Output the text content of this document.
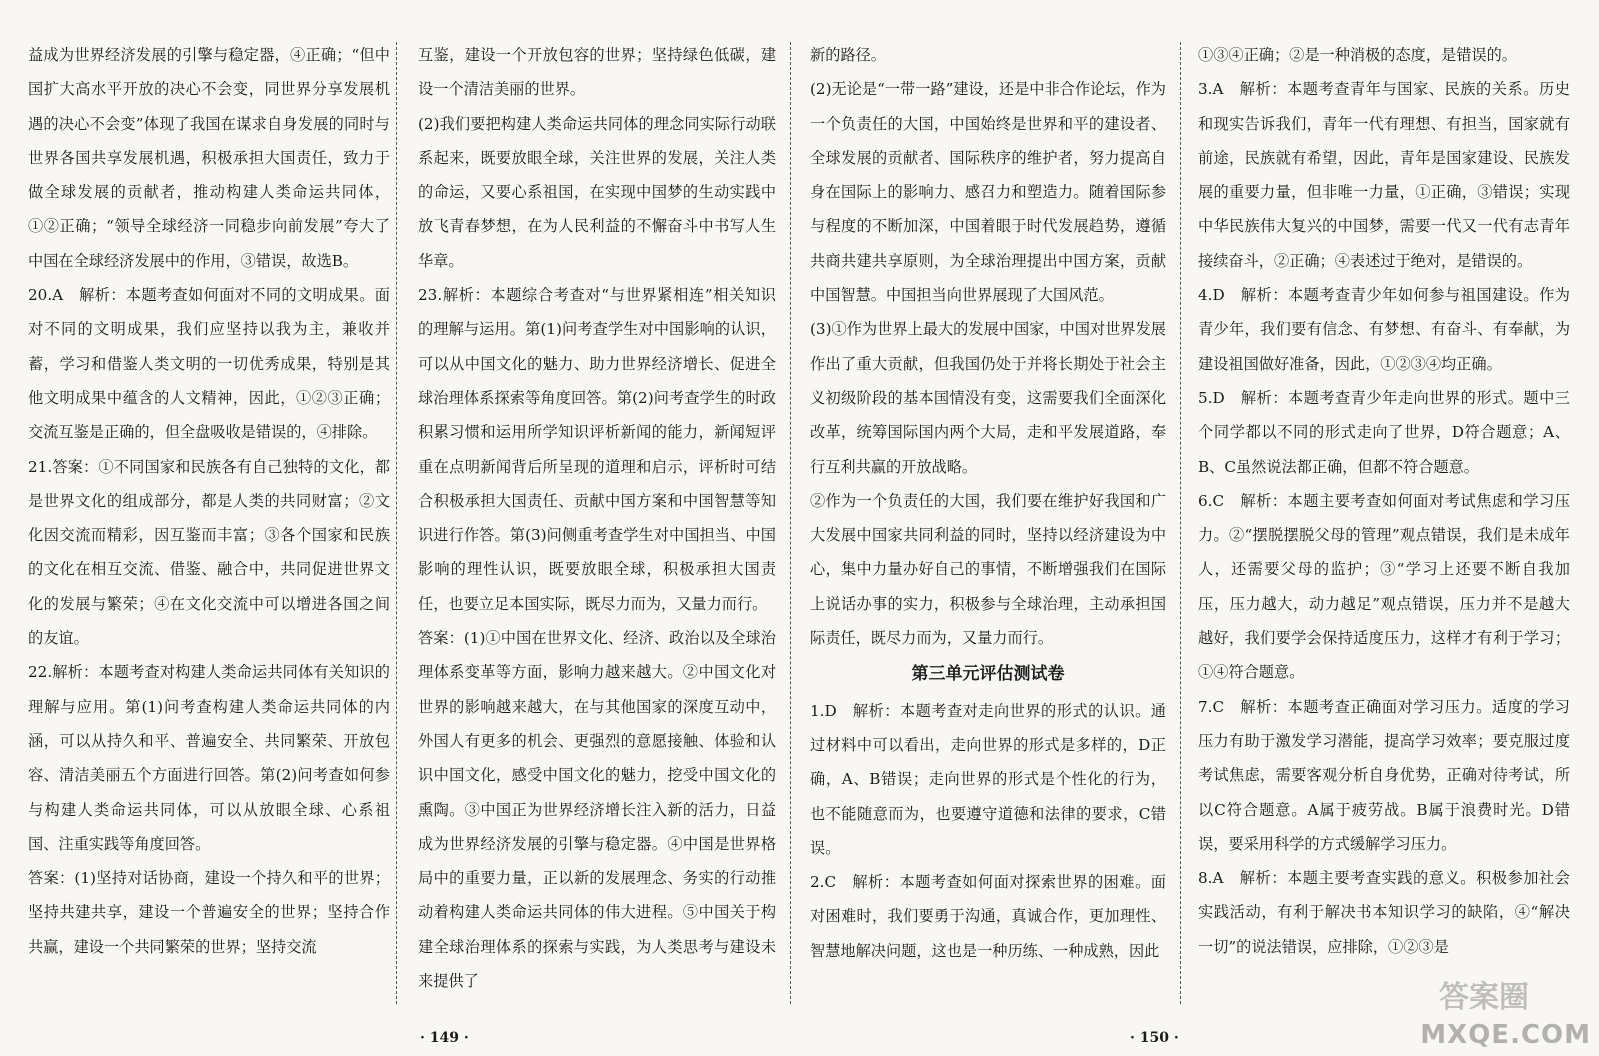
益成为世界经济发展的引擎与稳定器，④正确；“但中国扩大高水平开放的决心不会变，同世界分享发展机遇的决心不会变”体现了我国在谋求自身发展的同时与世界各国共享发展机遇，积极承担大国责任，致力于做全球发展的贡献者，推动构建人类命运共同体，①②正确；“领导全球经济一同稳步向前发展”夸大了中国在全球经济发展中的作用，③错误，故选B。

20.A　解析：本题考查如何面对不同的文明成果。面对不同的文明成果，我们应坚持以我为主，兼收并蓄，学习和借鉴人类文明的一切优秀成果，特别是其他文明成果中蕴含的人文精神，因此，①②③正确；交流互鉴是正确的，但全盘吸收是错误的，④排除。

21.答案：①不同国家和民族各有自己独特的文化，都是世界文化的组成部分，都是人类的共同财富；②文化因交流而精彩，因互鉴而丰富；③各个国家和民族的文化在相互交流、借鉴、融合中，共同促进世界文化的发展与繁荣；④在文化交流中可以增进各国之间的友谊。

22.解析：本题考查对构建人类命运共同体有关知识的理解与应用。第(1)问考查构建人类命运共同体的内涵，可以从持久和平、普遍安全、共同繁荣、开放包容、清洁美丽五个方面进行回答。第(2)问考查如何参与构建人类命运共同体，可以从放眼全球、心系祖国、注重实践等角度回答。

答案：(1)坚持对话协商，建设一个持久和平的世界；坚持共建共享，建设一个普遍安全的世界；坚持合作共赢，建设一个共同繁荣的世界；坚持交流

互鉴，建设一个开放包容的世界；坚持绿色低碳，建设一个清洁美丽的世界。

(2)我们要把构建人类命运共同体的理念同实际行动联系起来，既要放眼全球，关注世界的发展，关注人类的命运，又要心系祖国，在实现中国梦的生动实践中放飞青春梦想，在为人民利益的不懈奋斗中书写人生华章。

23.解析：本题综合考查对“与世界紧相连”相关知识的理解与运用。第(1)问考查学生对中国影响的认识，可以从中国文化的魅力、助力世界经济增长、促进全球治理体系探索等角度回答。第(2)问考查学生的时政积累习惯和运用所学知识评析新闻的能力，新闻短评重在点明新闻背后所呈现的道理和启示，评析时可结合积极承担大国责任、贡献中国方案和中国智慧等知识进行作答。第(3)问侧重考查学生对中国担当、中国影响的理性认识，既要放眼全球，积极承担大国责任，也要立足本国实际，既尽力而为，又量力而行。

答案：(1)①中国在世界文化、经济、政治以及全球治理体系变革等方面，影响力越来越大。②中国文化对世界的影响越来越大，在与其他国家的深度互动中，外国人有更多的机会、更强烈的意愿接触、体验和认识中国文化，感受中国文化的魅力，挖受中国文化的熏陶。③中国正为世界经济增长注入新的活力，日益成为世界经济发展的引擎与稳定器。④中国是世界格局中的重要力量，正以新的发展理念、务实的行动推动着构建人类命运共同体的伟大进程。⑤中国关于构建全球治理体系的探索与实践，为人类思考与建设未来提供了

新的路径。

(2)无论是“一带一路”建设，还是中非合作论坛，作为一个负责任的大国，中国始终是世界和平的建设者、全球发展的贡献者、国际秩序的维护者，努力提高自身在国际上的影响力、感召力和塑造力。随着国际参与程度的不断加深，中国着眼于时代发展趋势，遵循共商共建共享原则，为全球治理提出中国方案，贡献中国智慧。中国担当向世界展现了大国风范。

(3)①作为世界上最大的发展中国家，中国对世界发展作出了重大贡献，但我国仍处于并将长期处于社会主义初级阶段的基本国情没有变，这需要我们全面深化改革，统筹国际国内两个大局，走和平发展道路，奉行互利共赢的开放战略。

②作为一个负责任的大国，我们要在维护好我国和广大发展中国家共同利益的同时，坚持以经济建设为中心，集中力量办好自己的事情，不断增强我们在国际上说话办事的实力，积极参与全球治理，主动承担国际责任，既尽力而为，又量力而行。

第三单元评估测试卷

1.D　解析：本题考查对走向世界的形式的认识。通过材料中可以看出，走向世界的形式是多样的，D正确，A、B错误；走向世界的形式是个性化的行为，也不能随意而为，也要遵守道德和法律的要求，C错误。

2.C　解析：本题考查如何面对探索世界的困难。面对困难时，我们要勇于沟通，真诚合作，更加理性、智慧地解决问题，这也是一种历练、一种成熟，因此

①③④正确；②是一种消极的态度，是错误的。

3.A　解析：本题考查青年与国家、民族的关系。历史和现实告诉我们，青年一代有理想、有担当，国家就有前途，民族就有希望，因此，青年是国家建设、民族发展的重要力量，但非唯一力量，①正确，③错误；实现中华民族伟大复兴的中国梦，需要一代又一代有志青年接续奋斗，②正确；④表述过于绝对，是错误的。

4.D　解析：本题考查青少年如何参与祖国建设。作为青少年，我们要有信念、有梦想、有奋斗、有奉献，为建设祖国做好准备，因此，①②③④均正确。

5.D　解析：本题考查青少年走向世界的形式。题中三个同学都以不同的形式走向了世界，D符合题意；A、B、C虽然说法都正确，但都不符合题意。

6.C　解析：本题主要考查如何面对考试焦虑和学习压力。②“摆脱摆脱父母的管理”观点错误，我们是未成年人，还需要父母的监护；③“学习上还要不断自我加压，压力越大，动力越足”观点错误，压力并不是越大越好，我们要学会保持适度压力，这样才有利于学习；①④符合题意。

7.C　解析：本题考查正确面对学习压力。适度的学习压力有助于激发学习潜能，提高学习效率；要克服过度考试焦虑，需要客观分析自身优势，正确对待考试，所以C符合题意。A属于疲劳战。B属于浪费时光。D错误，要采用科学的方式缓解学习压力。

8.A　解析：本题主要考查实践的意义。积极参加社会实践活动，有利于解决书本知识学习的缺陷，④“解决一切”的说法错误，应排除，①②③是

· 149 ·	· 150 ·
答案圈
MXQE.COM
